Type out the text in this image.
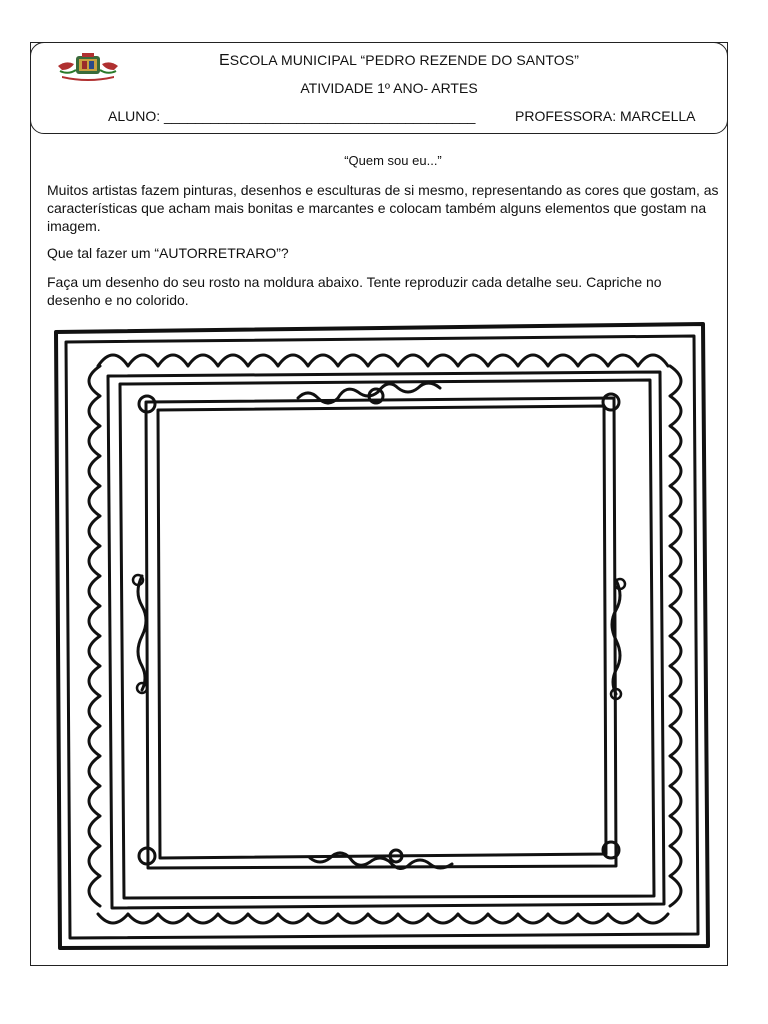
ESCOLA MUNICIPAL “PEDRO REZENDE DO SANTOS”
ATIVIDADE 1º ANO- ARTES
ALUNO: ________________________________________	PROFESSORA: MARCELLA
“Quem sou eu...”
Muitos artistas fazem pinturas, desenhos e esculturas de si mesmo, representando as cores que gostam, as características que acham mais bonitas e marcantes e colocam também alguns elementos que gostam na imagem.
Que tal fazer um “AUTORRETRARO”?
Faça um desenho do seu rosto na moldura abaixo. Tente reproduzir cada detalhe seu. Capriche no desenho e no colorido.
